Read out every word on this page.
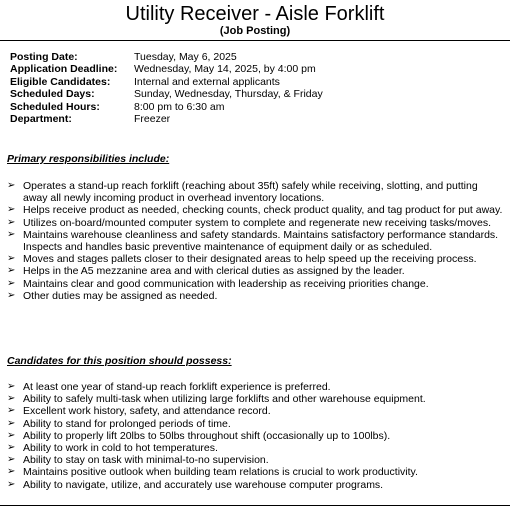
Utility Receiver - Aisle Forklift
(Job Posting)
Posting Date:	Tuesday, May 6, 2025
Application Deadline:	Wednesday, May 14, 2025, by 4:00 pm
Eligible Candidates:	Internal and external applicants
Scheduled Days:	Sunday, Wednesday, Thursday, & Friday
Scheduled Hours:	8:00 pm to 6:30 am
Department:	Freezer
Primary responsibilities include:
➢ Operates a stand-up reach forklift (reaching about 35ft) safely while receiving, slotting, and putting away all newly incoming product in overhead inventory locations.
➢ Helps receive product as needed, checking counts, check product quality, and tag product for put away.
➢ Utilizes on-board/mounted computer system to complete and regenerate new receiving tasks/moves.
➢ Maintains warehouse cleanliness and safety standards. Maintains satisfactory performance standards. Inspects and handles basic preventive maintenance of equipment daily or as scheduled.
➢ Moves and stages pallets closer to their designated areas to help speed up the receiving process.
➢ Helps in the A5 mezzanine area and with clerical duties as assigned by the leader.
➢ Maintains clear and good communication with leadership as receiving priorities change.
➢ Other duties may be assigned as needed.
Candidates for this position should possess:
➢ At least one year of stand-up reach forklift experience is preferred.
➢ Ability to safely multi-task when utilizing large forklifts and other warehouse equipment.
➢ Excellent work history, safety, and attendance record.
➢ Ability to stand for prolonged periods of time.
➢ Ability to properly lift 20lbs to 50lbs throughout shift (occasionally up to 100lbs).
➢ Ability to work in cold to hot temperatures.
➢ Ability to stay on task with minimal-to-no supervision.
➢ Maintains positive outlook when building team relations is crucial to work productivity.
➢ Ability to navigate, utilize, and accurately use warehouse computer programs.
